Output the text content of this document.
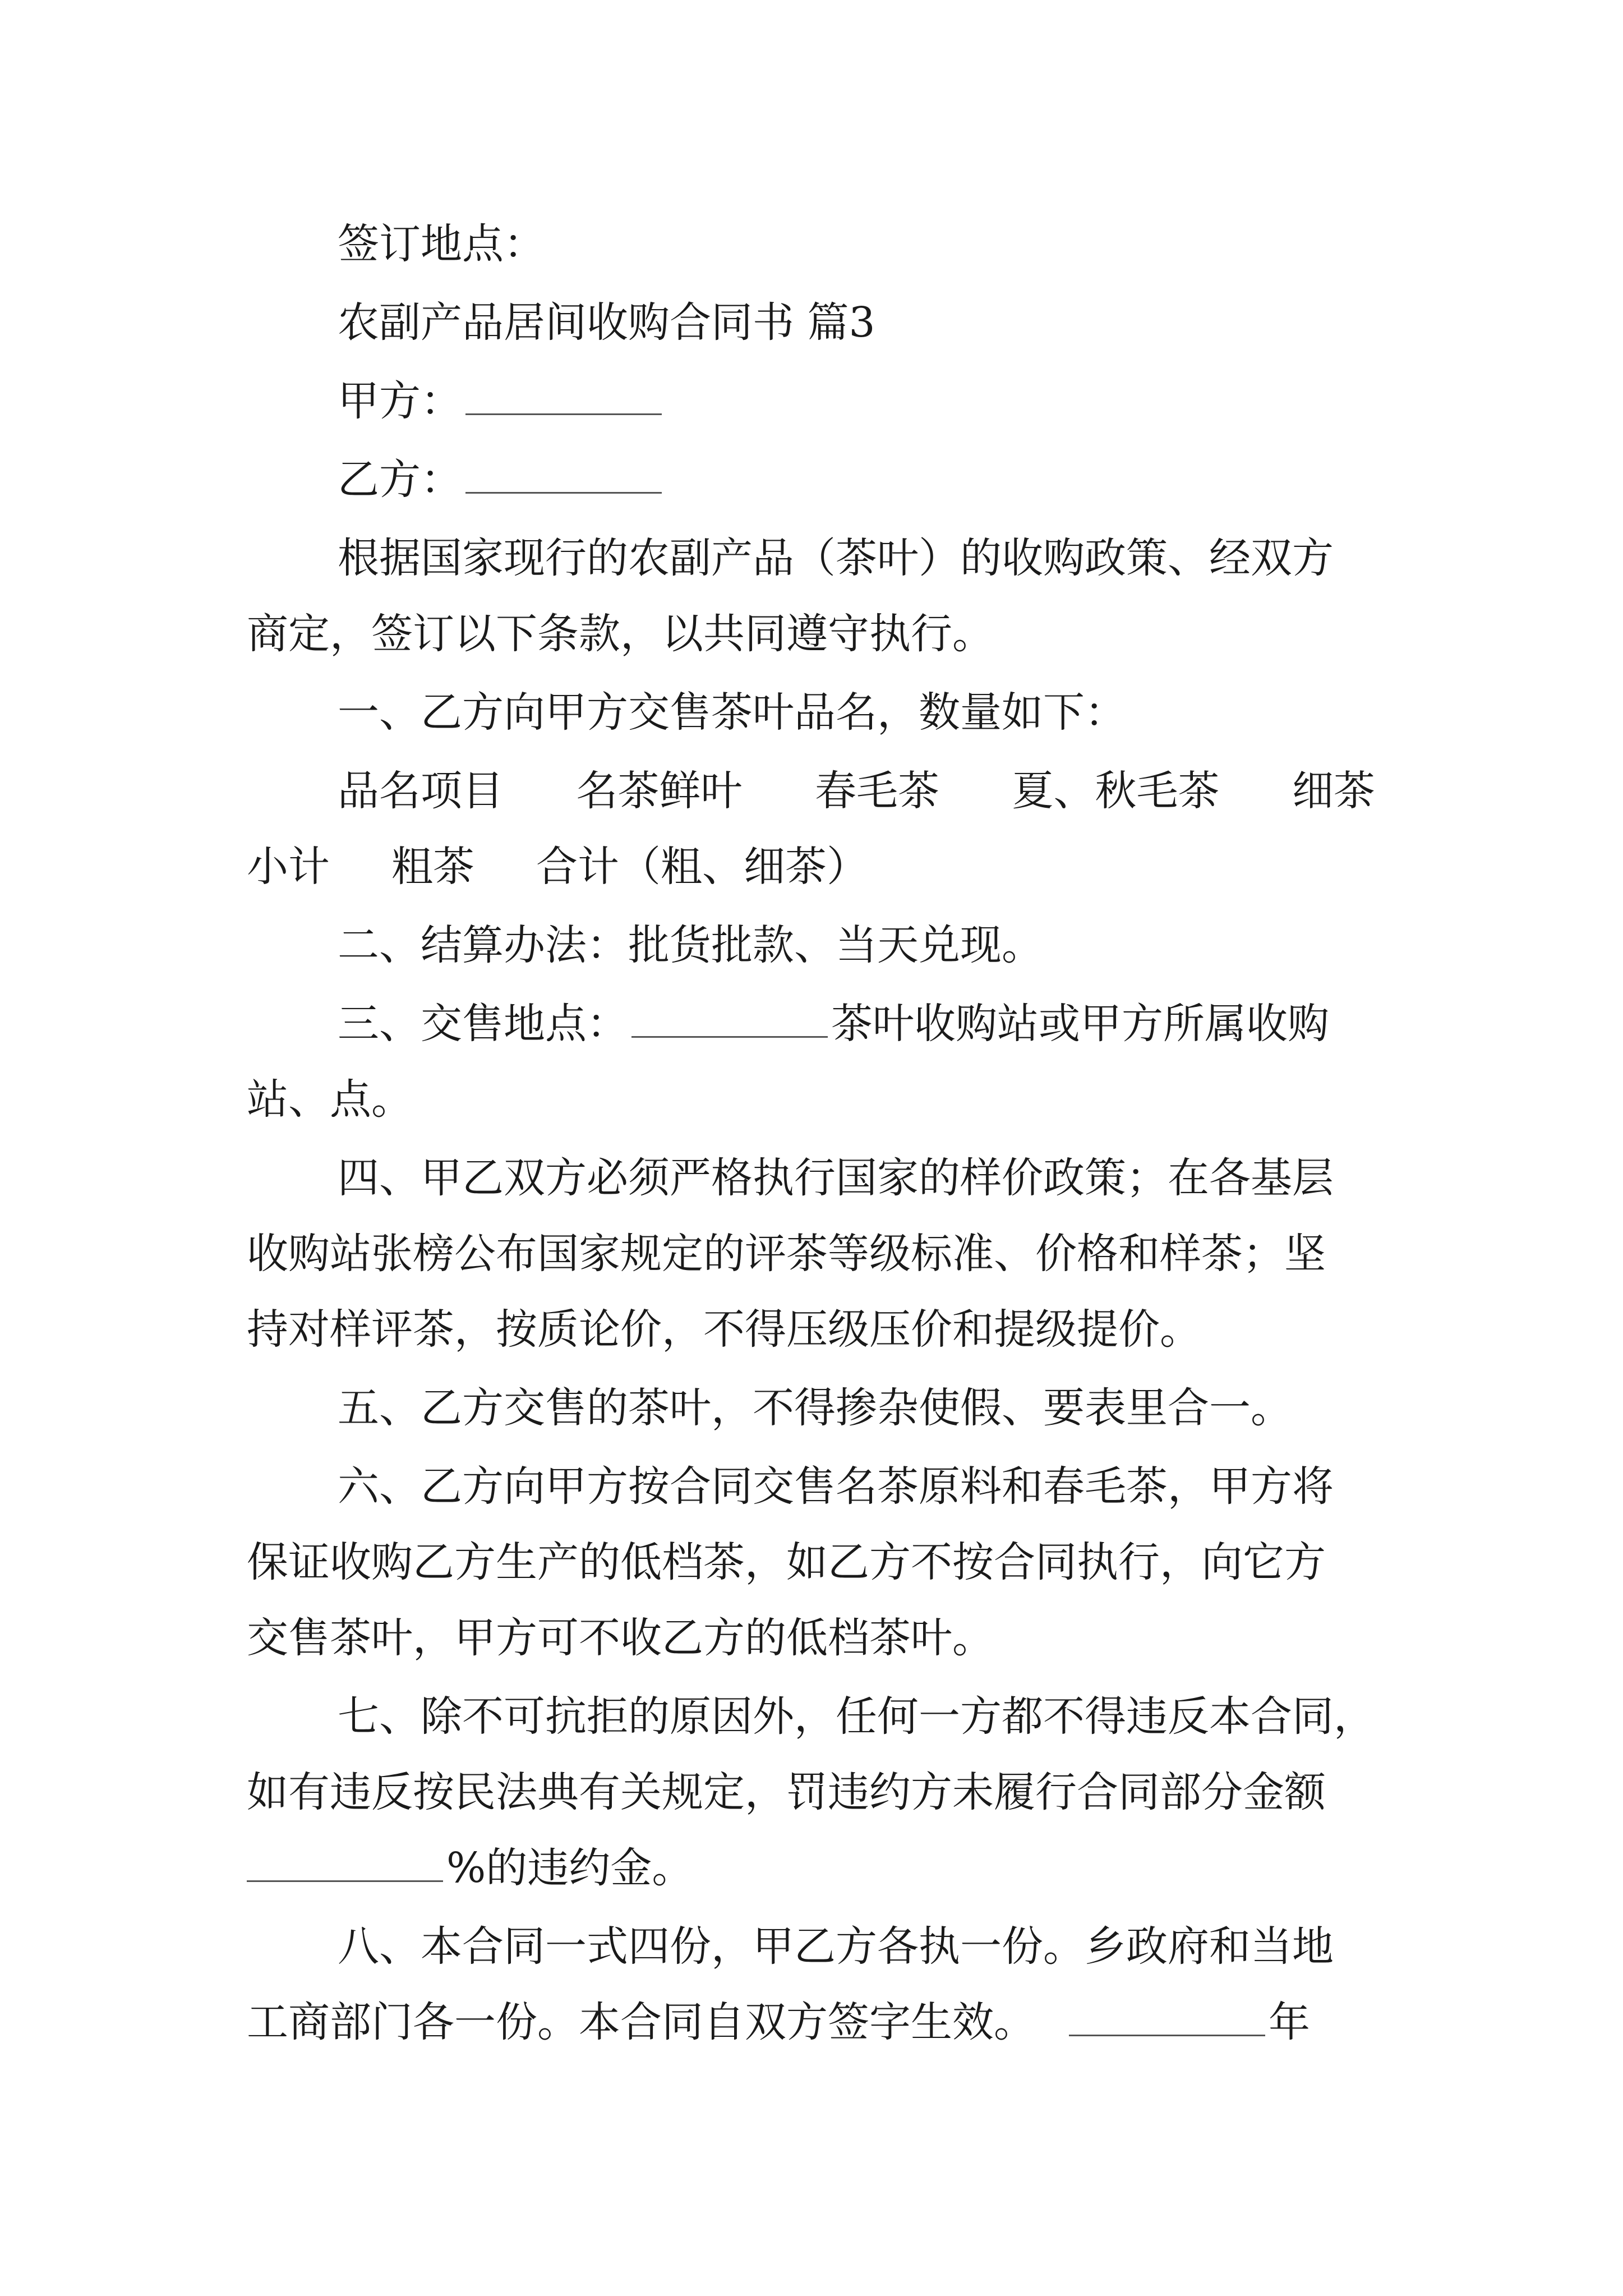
签订地点：
农副产品居间收购合同书 篇3
甲方：
乙方：
根据国家现行的农副产品（茶叶）的收购政策、经双方
商定，签订以下条款，以共同遵守执行。
一、乙方向甲方交售茶叶品名，数量如下：
品名项目 名茶鲜叶 春毛茶 夏、秋毛茶 细茶
小计 粗茶 合计（粗、细茶）
二、结算办法：批货批款、当天兑现。
三、交售地点：	茶叶收购站或甲方所属收购
站、点。
四、甲乙双方必须严格执行国家的样价政策；在各基层
收购站张榜公布国家规定的评茶等级标准、价格和样茶；坚
持对样评茶，按质论价，不得压级压价和提级提价。
五、乙方交售的茶叶，不得掺杂使假、要表里合一。
六、乙方向甲方按合同交售名茶原料和春毛茶，甲方将
保证收购乙方生产的低档茶，如乙方不按合同执行，向它方
交售茶叶，甲方可不收乙方的低档茶叶。
七、除不可抗拒的原因外，任何一方都不得违反本合同，
如有违反按民法典有关规定，罚违约方未履行合同部分金额
%的违约金。
八、本合同一式四份，甲乙方各执一份。乡政府和当地
工商部门各一份。本合同自双方签字生效。	年
